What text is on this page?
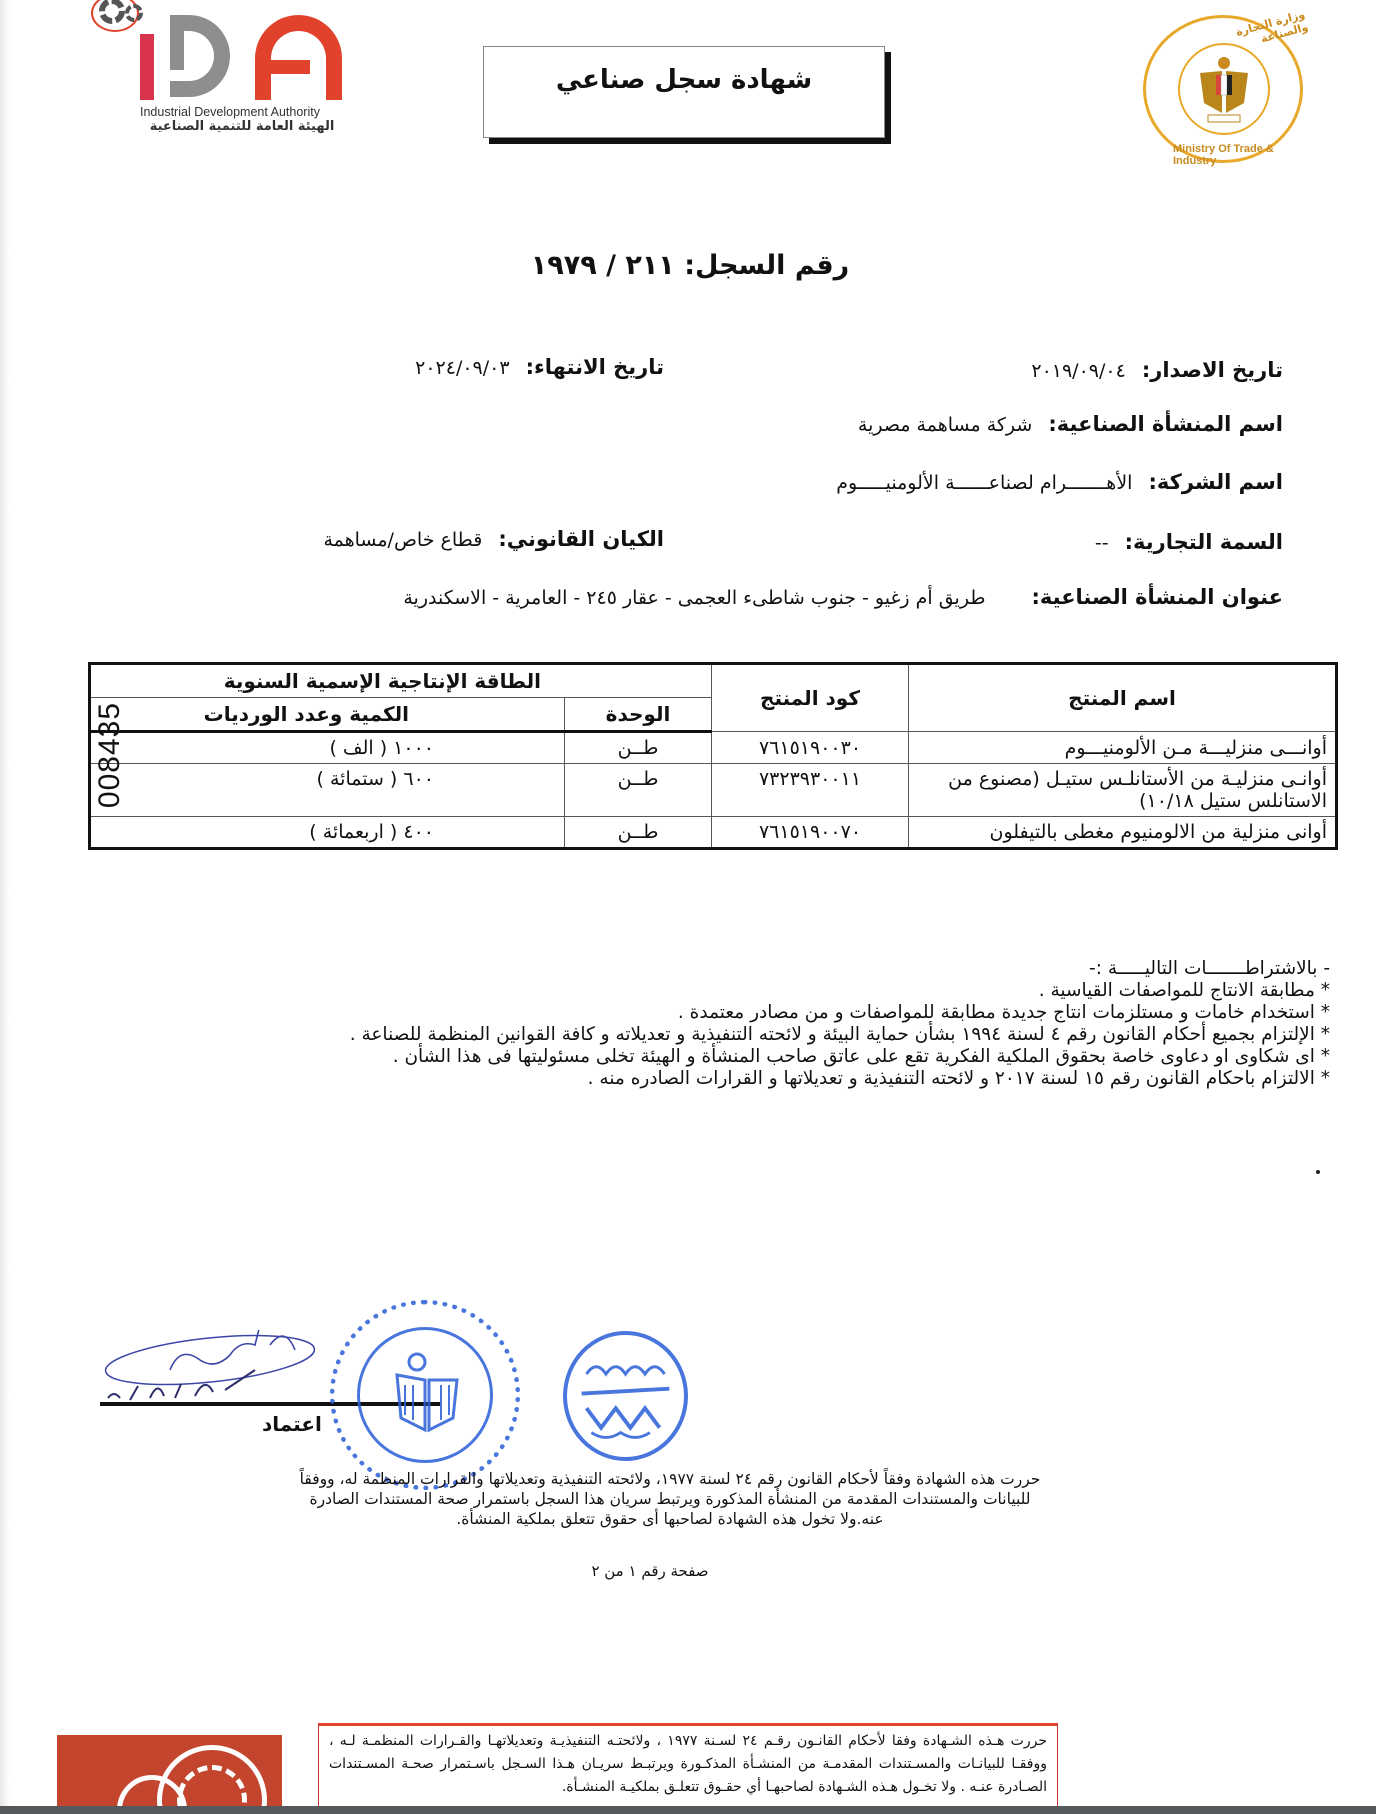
Industrial Development Authority
الهيئة العامة للتنمية الصناعية
وزارة التجارة والصناعة
Ministry Of Trade & Industry
شهادة سجل صناعي
رقم السجل: ٢١١ / ١٩٧٩
تاريخ الاصدار: ٢٠١٩/٠٩/٠٤
تاريخ الانتهاء: ٢٠٢٤/٠٩/٠٣
اسم المنشأة الصناعية: شركة مساهمة مصرية
اسم الشركة: الأهـــــــرام لصناعــــــة الألومنيـــــوم
السمة التجارية: --
الكيان القانوني: قطاع خاص/مساهمة
عنوان المنشأة الصناعية: طريق أم زغيو - جنوب شاطىء العجمى - عقار ٢٤٥ - العامرية - الاسكندرية
اسم المنتج	كود المنتج	الطاقة الإنتاجية الإسمية السنوية	
		الوحدة	الكمية وعدد الورديات
أوانـــى منزليـــة مـن الألومنيـــوم	٧٦١٥١٩٠٠٣٠	طــن	١٠٠٠ ( الف )
أوانـى منزليـة من الأستانلـس ستيـل (مصنوع من الاستانلس ستيل ١٠/١٨)	٧٣٢٣٩٣٠٠١١	طــن	٦٠٠ ( ستمائة )
أوانى منزلية من الالومنيوم مغطى بالتيفلون	٧٦١٥١٩٠٠٧٠	طــن	٤٠٠ ( اربعمائة )
008435
- بالاشتراطـــــــات التاليـــــة :-
* مطابقة الانتاج للمواصفات القياسية .
* استخدام خامات و مستلزمات انتاج جديدة مطابقة للمواصفات و من مصادر معتمدة .
* الإلتزام بجميع أحكام القانون رقم ٤ لسنة ١٩٩٤ بشأن حماية البيئة و لائحته التنفيذية و تعديلاته و كافة القوانين المنظمة للصناعة .
* اى شكاوى او دعاوى خاصة بحقوق الملكية الفكرية تقع على عاتق صاحب المنشأة و الهيئة تخلى مسئوليتها فى هذا الشأن .
* الالتزام باحكام القانون رقم ١٥ لسنة ٢٠١٧ و لائحته التنفيذية و تعديلاتها و القرارات الصادره منه .
اعتماد
حررت هذه الشهادة وفقاً لأحكام القانون رقم ٢٤ لسنة ١٩٧٧، ولائحته التنفيذية وتعديلاتها والقرارات المنظمة له، ووفقاً
للبيانات والمستندات المقدمة من المنشأة المذكورة ويرتبط سريان هذا السجل باستمرار صحة المستندات الصادرة
عنه.ولا تخول هذه الشهادة لصاحبها أى حقوق تتعلق بملكية المنشأة.
صفحة رقم ١ من ٢
حررت هـذه الشـهادة وفقا لأحكام القانـون رقـم ٢٤ لسـنة ١٩٧٧ ، ولائحتـه التنفيذيـة وتعديلاتهـا والقـرارات المنظمـة لـه ، ووفقـا للبيانـات والمسـتندات المقدمـة من المنشـأة المذكـورة ويرتبـط سريـان هـذا السـجل باسـتمرار صحـة المسـتندات الصـادرة عنـه . ولا تخـول هـذه الشـهادة لصاحبهـا أي حقـوق تتعلـق بملكيـة المنشـأة.
